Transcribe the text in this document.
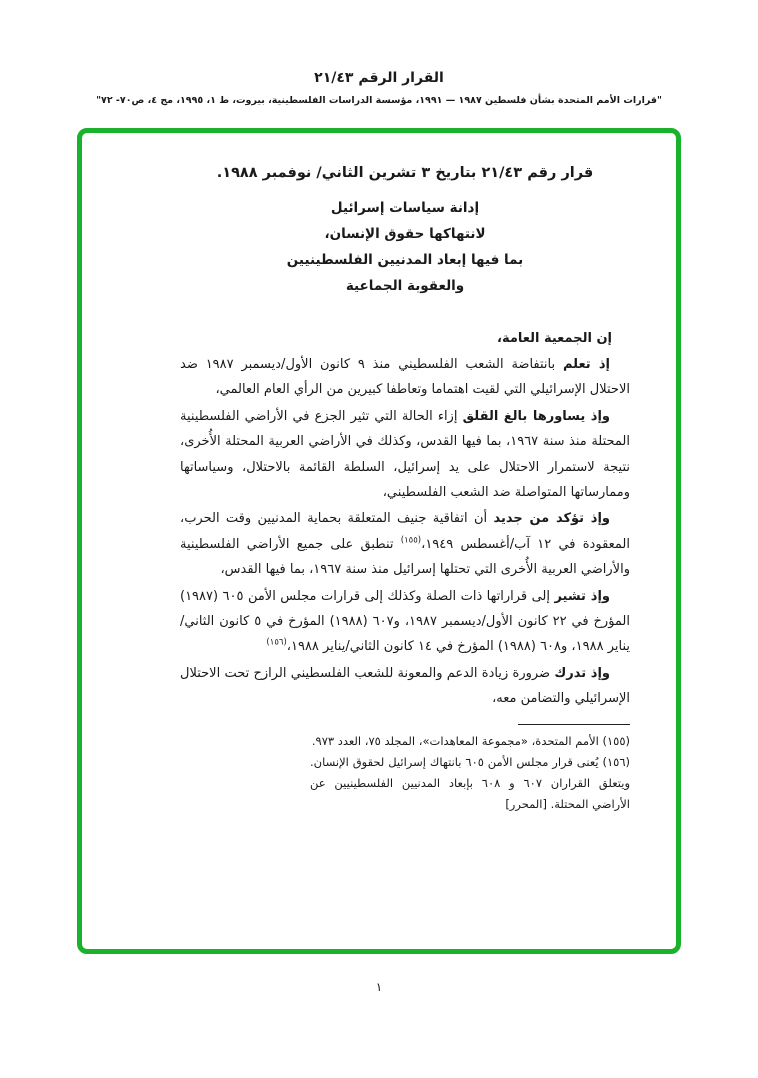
القرار الرقم ٢١/٤٣
"قرارات الأمم المتحدة بشأن فلسطين ١٩٨٧ — ١٩٩١، مؤسسة الدراسات الفلسطينية، بيروت، ط ١، ١٩٩٥، مج ٤، ص٧٠- ٧٢"
قرار رقم ٢١/٤٣ بتاريخ ٣ تشرين الثاني/ نوفمبر ١٩٨٨.
إدانة سياسات إسرائيل
لانتهاكها حقوق الإنسان،
بما فيها إبعاد المدنيين الفلسطينيين
والعقوبة الجماعية

إن الجمعية العامة،

إذ تعلم بانتفاضة الشعب الفلسطيني منذ ٩ كانون الأول/ديسمبر ١٩٨٧ ضد الاحتلال الإسرائيلي التي لقيت اهتماما وتعاطفا كبيرين من الرأي العام العالمي،

وإذ يساورها بالغ القلق إزاء الحالة التي تثير الجزع في الأراضي الفلسطينية المحتلة منذ سنة ١٩٦٧، بما فيها القدس، وكذلك في الأراضي العربية المحتلة الأُخرى، نتيجة لاستمرار الاحتلال على يد إسرائيل، السلطة القائمة بالاحتلال، وسياساتها وممارساتها المتواصلة ضد الشعب الفلسطيني،

وإذ تؤكد من جديد أن اتفاقية جنيف المتعلقة بحماية المدنيين وقت الحرب، المعقودة في ١٢ آب/أغسطس ١٩٤٩،$^{(١٥٥)}$ تنطبق على جميع الأراضي الفلسطينية والأراضي العربية الأُخرى التي تحتلها إسرائيل منذ سنة ١٩٦٧، بما فيها القدس،

وإذ تشير إلى قراراتها ذات الصلة وكذلك إلى قرارات مجلس الأمن ٦٠٥ (١٩٨٧) المؤرخ في ٢٢ كانون الأول/ديسمبر ١٩٨٧، و٦٠٧ (١٩٨٨) المؤرخ في ٥ كانون الثاني/يناير ١٩٨٨، و٦٠٨ (١٩٨٨) المؤرخ في ١٤ كانون الثاني/يناير ١٩٨٨،$^{(١٥٦)}$

وإذ تدرك ضرورة زيادة الدعم والمعونة للشعب الفلسطيني الرازح تحت الاحتلال الإسرائيلي والتضامن معه،

(١٥٥) الأمم المتحدة، «مجموعة المعاهدات»، المجلد ٧٥، العدد ٩٧٣.

(١٥٦) يُعنى قرار مجلس الأمن ٦٠٥ بانتهاك إسرائيل لحقوق الإنسان. ويتعلق القراران ٦٠٧ و ٦٠٨ بإبعاد المدنيين الفلسطينيين عن الأراضي المحتلة. [المحرر]

١
